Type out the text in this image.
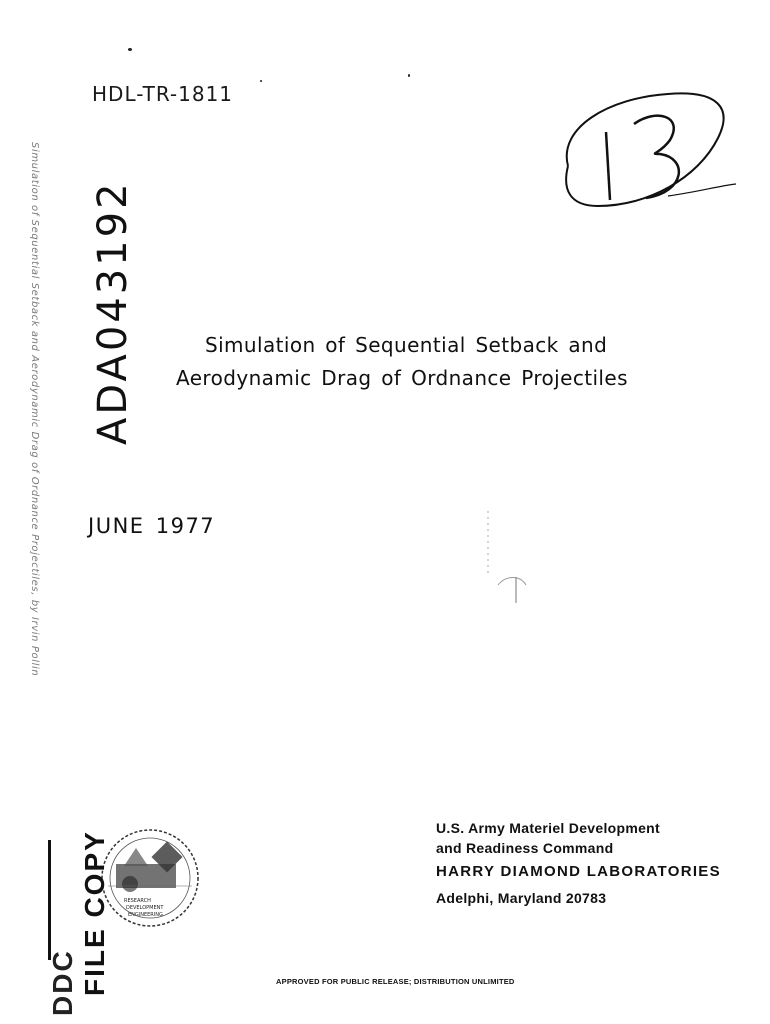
HDL-TR-1811
ADA043192	Simulation of Sequential Setback and
Aerodynamic Drag of Ordnance Projectiles
JUNE 1977
Simulation of Sequential Setback and Aerodynamic Drag of Ordnance Projectiles, by Irvin Pollin
RESEARCH
DEVELOPMENT
ENGINEERING
FILE COPY
DDC
U.S. Army Materiel Development
and Readiness Command
HARRY DIAMOND LABORATORIES
Adelphi, Maryland 20783
APPROVED FOR PUBLIC RELEASE; DISTRIBUTION UNLIMITED
